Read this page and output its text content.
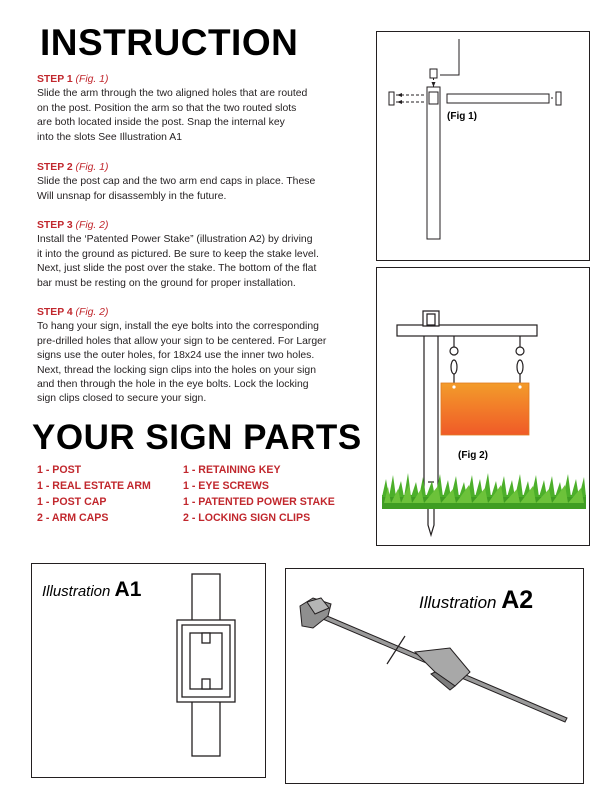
INSTRUCTION
STEP 1 (Fig. 1)
Slide the arm through the two aligned holes that are routed
on the post. Position the arm so that the two routed slots
are both located inside the post. Snap the internal key
into the slots See Illustration A1
STEP 2 (Fig. 1)
Slide the post cap and the two arm end caps in place. These
Will unsnap for disassembly in the future.
STEP 3 (Fig. 2)
Install the ‘Patented Power Stake” (illustration A2) by driving
it into the ground as pictured. Be sure to keep the stake level.
Next, just slide the post over the stake. The bottom of the flat
bar must be resting on the ground for proper installation.
STEP 4 (Fig. 2)
To hang your sign, install the eye bolts into the corresponding
pre-drilled holes that allow your sign to be centered. For Larger
signs use the outer holes, for 18x24 use the inner two holes.
Next, thread the locking sign clips into the holes on your sign
and then through the hole in the eye bolts. Lock the locking
sign clips closed to secure your sign.
YOUR SIGN PARTS
1 - POST
1 - REAL ESTATE ARM
1 - POST CAP
2 - ARM CAPS
1 - RETAINING KEY
1 - EYE SCREWS
1 - PATENTED POWER STAKE
2 - LOCKING SIGN CLIPS
(Fig 1)
(Fig 2)
Illustration A1
Illustration A2
